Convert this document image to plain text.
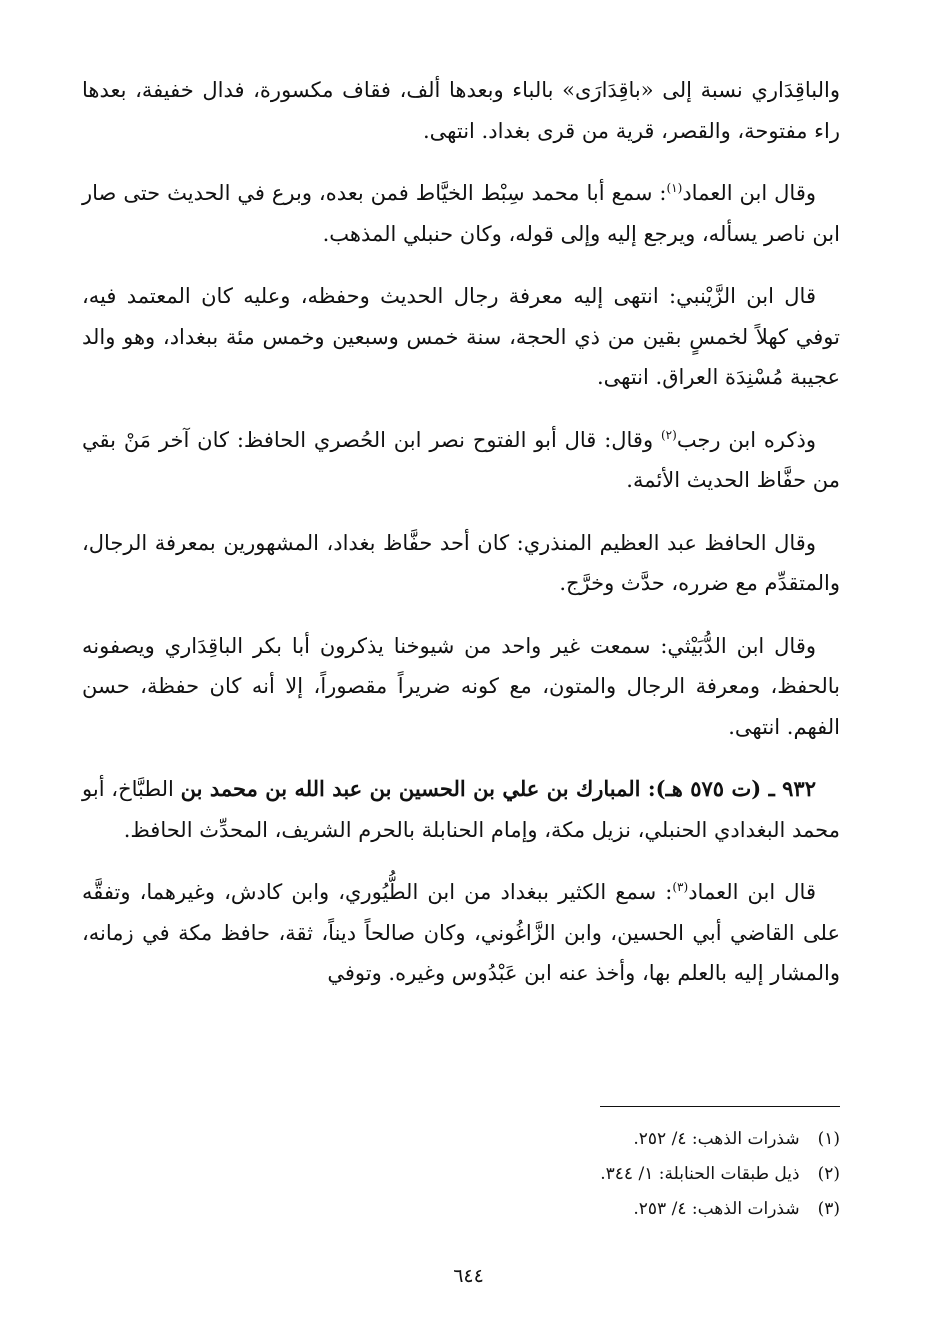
والباقِدَاري نسبة إلى «باقِدَارَى» بالباء وبعدها ألف، فقاف مكسورة، فدال خفيفة، بعدها راء مفتوحة، والقصر، قرية من قرى بغداد. انتهى.

وقال ابن العماد$^{(١)}$: سمع أبا محمد سِبْط الخيَّاط فمن بعده، وبرع في الحديث حتى صار ابن ناصر يسأله، ويرجع إليه وإلى قوله، وكان حنبلي المذهب.

قال ابن الزَّيْنبي: انتهى إليه معرفة رجال الحديث وحفظه، وعليه كان المعتمد فيه، توفي كهلاً لخمسٍ بقين من ذي الحجة، سنة خمس وسبعين وخمس مئة ببغداد، وهو والد عجيبة مُسْنِدَة العراق. انتهى.

وذكره ابن رجب$^{(٢)}$ وقال: قال أبو الفتوح نصر ابن الحُصري الحافظ: كان آخر مَنْ بقي من حفَّاظ الحديث الأئمة.

وقال الحافظ عبد العظيم المنذري: كان أحد حفَّاظ بغداد، المشهورين بمعرفة الرجال، والمتقدِّم مع ضرره، حدَّث وخرَّج.

وقال ابن الدُّبَيْثي: سمعت غير واحد من شيوخنا يذكرون أبا بكر الباقِدَاري ويصفونه بالحفظ، ومعرفة الرجال والمتون، مع كونه ضريراً مقصوراً، إلا أنه كان حفظة، حسن الفهم. انتهى.

٩٣٢ ـ (ت ٥٧٥ هـ): المبارك بن علي بن الحسين بن عبد الله بن محمد بن الطبَّاخ، أبو محمد البغدادي الحنبلي، نزيل مكة، وإمام الحنابلة بالحرم الشريف، المحدِّث الحافظ.

قال ابن العماد$^{(٣)}$: سمع الكثير ببغداد من ابن الطُّيُوري، وابن كادش، وغيرهما، وتفقَّه على القاضي أبي الحسين، وابن الزَّاغُوني، وكان صالحاً ديناً، ثقة، حافظ مكة في زمانه، والمشار إليه بالعلم بها، وأخذ عنه ابن عَبْدُوس وغيره. وتوفي

(١)شذرات الذهب: ٤/ ٢٥٢.
(٢)ذيل طبقات الحنابلة: ١/ ٣٤٤.
(٣)شذرات الذهب: ٤/ ٢٥٣.
٦٤٤
